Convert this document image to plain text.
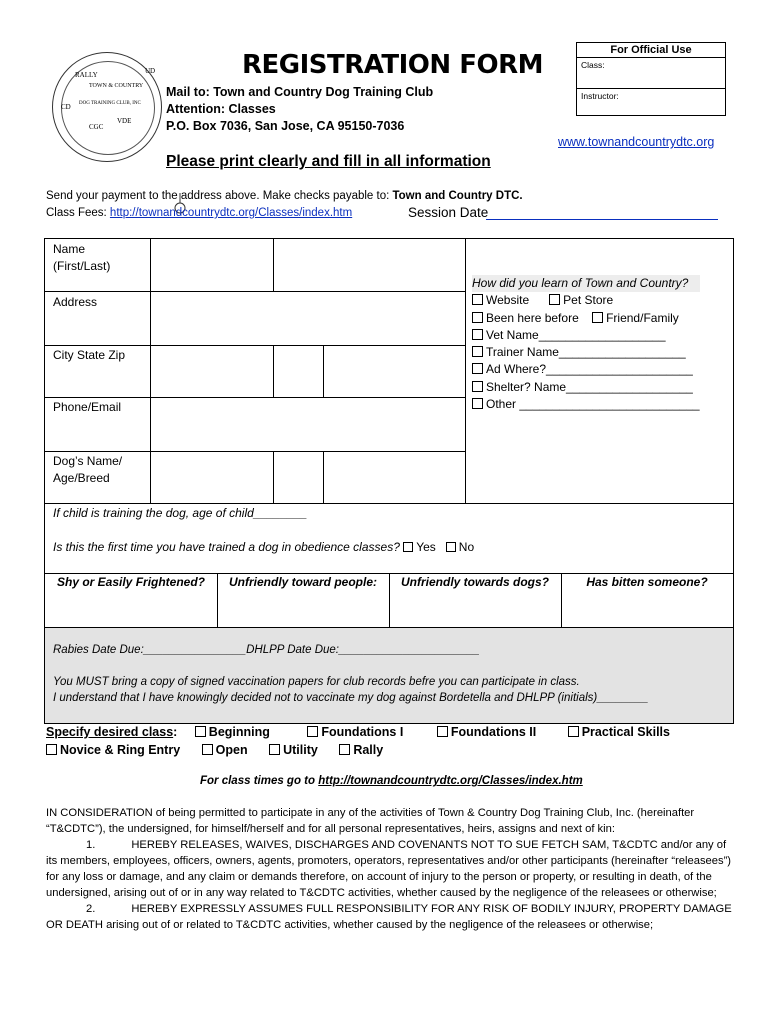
RALLY
TOWN & COUNTRY
DOG TRAINING CLUB, INC
CD
UD
CGC
VDE
REGISTRATION FORM
Mail to: Town and Country Dog Training Club
Attention: Classes
P.O. Box 7036, San Jose, CA 95150-7036
For Official Use
Class:
Instructor:
www.townandcountrydtc.org
Please print clearly and fill in all information
Send your payment to the address above. Make checks payable to: Town and Country DTC.
Class Fees: http://townandcountrydtc.org/Classes/index.htm	Session Date
Name
(First/Last)
Address
City State Zip
Phone/Email
Dog’s Name/
Age/Breed
If child is training the dog, age of child________
Is this the first time you have trained a dog in obedience classes? Yes No
Shy or Easily Frightened?	Unfriendly toward people:	Unfriendly towards dogs?	Has bitten someone?
Rabies Date Due:________________DHLPP Date Due:______________________
You MUST bring a copy of signed vaccination papers for club records befre you can participate in class.
I understand that I have knowingly decided not to vaccinate my dog against Bordetella and DHLPP (initials)________
How did you learn of Town and Country?
Website	Pet Store
Been here before Friend/Family
Vet Name___________________
Trainer Name___________________
Ad Where?______________________
Shelter? Name___________________
Other ___________________________
Specify desired class: Beginning	Foundations I	Foundations II	Practical Skills
Novice & Ring Entry	Open	Utility	Rally
For class times go to http://townandcountrydtc.org/Classes/index.htm
IN CONSIDERATION of being permitted to participate in any of the activities of Town & Country Dog Training Club, Inc. (hereinafter “T&CDTC”), the undersigned, for himself/herself and for all personal representatives, heirs, assigns and next of kin:
1.	HEREBY RELEASES, WAIVES, DISCHARGES AND COVENANTS NOT TO SUE FETCH SAM, T&CDTC and/or any of its members, employees, officers, owners, agents, promoters, operators, representatives and/or other participants (hereinafter “releasees”) for any loss or damage, and any claim or demands therefore, on account of injury to the person or property, or resulting in death, of the undersigned, arising out of or in any way related to T&CDTC activities, whether caused by the negligence of the releasees or otherwise;
2.	HEREBY EXPRESSLY ASSUMES FULL RESPONSIBILITY FOR ANY RISK OF BODILY INJURY, PROPERTY DAMAGE OR DEATH arising out of or related to T&CDTC activities, whether caused by the negligence of the releasees or otherwise;
